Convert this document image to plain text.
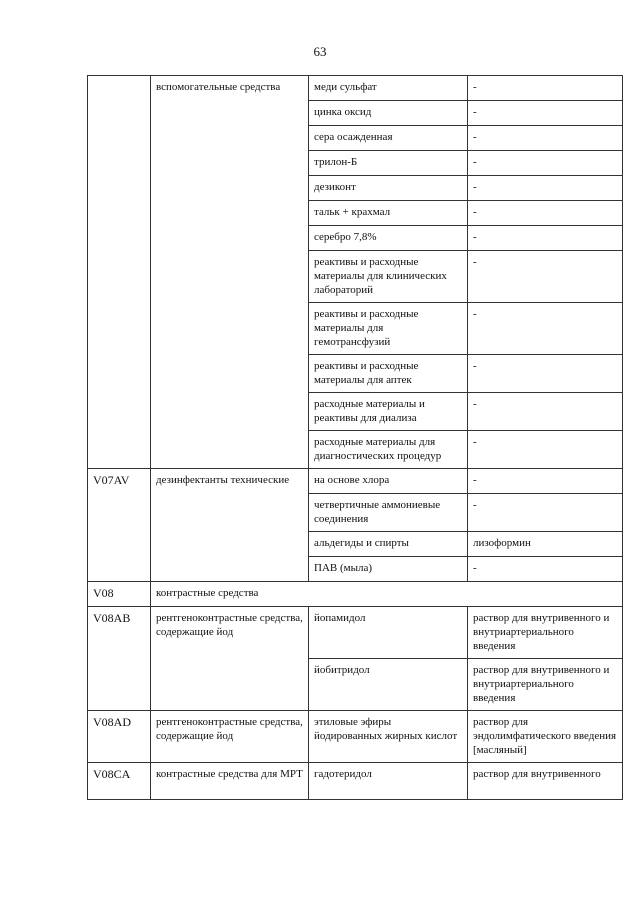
63
	вспомогательные средства	меди сульфат	-
		цинка оксид	-
		сера осажденная	-
		трилон-Б	-
		дезиконт	-
		тальк + крахмал	-
		серебро 7,8%	-
		реактивы и расходные материалы для клинических лабораторий	-
		реактивы и расходные материалы для гемотрансфузий	-
		реактивы и расходные материалы для аптек	-
		расходные материалы и реактивы для диализа	-
		расходные материалы для диагностических процедур	-
V07AV	дезинфектанты технические	на основе хлора	-
		четвертичные аммониевые соединения	-
		альдегиды и спирты	лизоформин
		ПАВ (мыла)	-
V08	контрастные средства		
V08AB	рентгеноконтрастные средства, содержащие йод	йопамидол	раствор для внутривенного и внутриартериального введения
		йобитридол	раствор для внутривенного и внутриартериального введения
V08AD	рентгеноконтрастные средства, содержащие йод	этиловые эфиры йодированных жирных кислот	раствор для эндолимфатического введения [масляный]
V08CA	контрастные средства для МРТ	гадотеридол	раствор для внутривенного
